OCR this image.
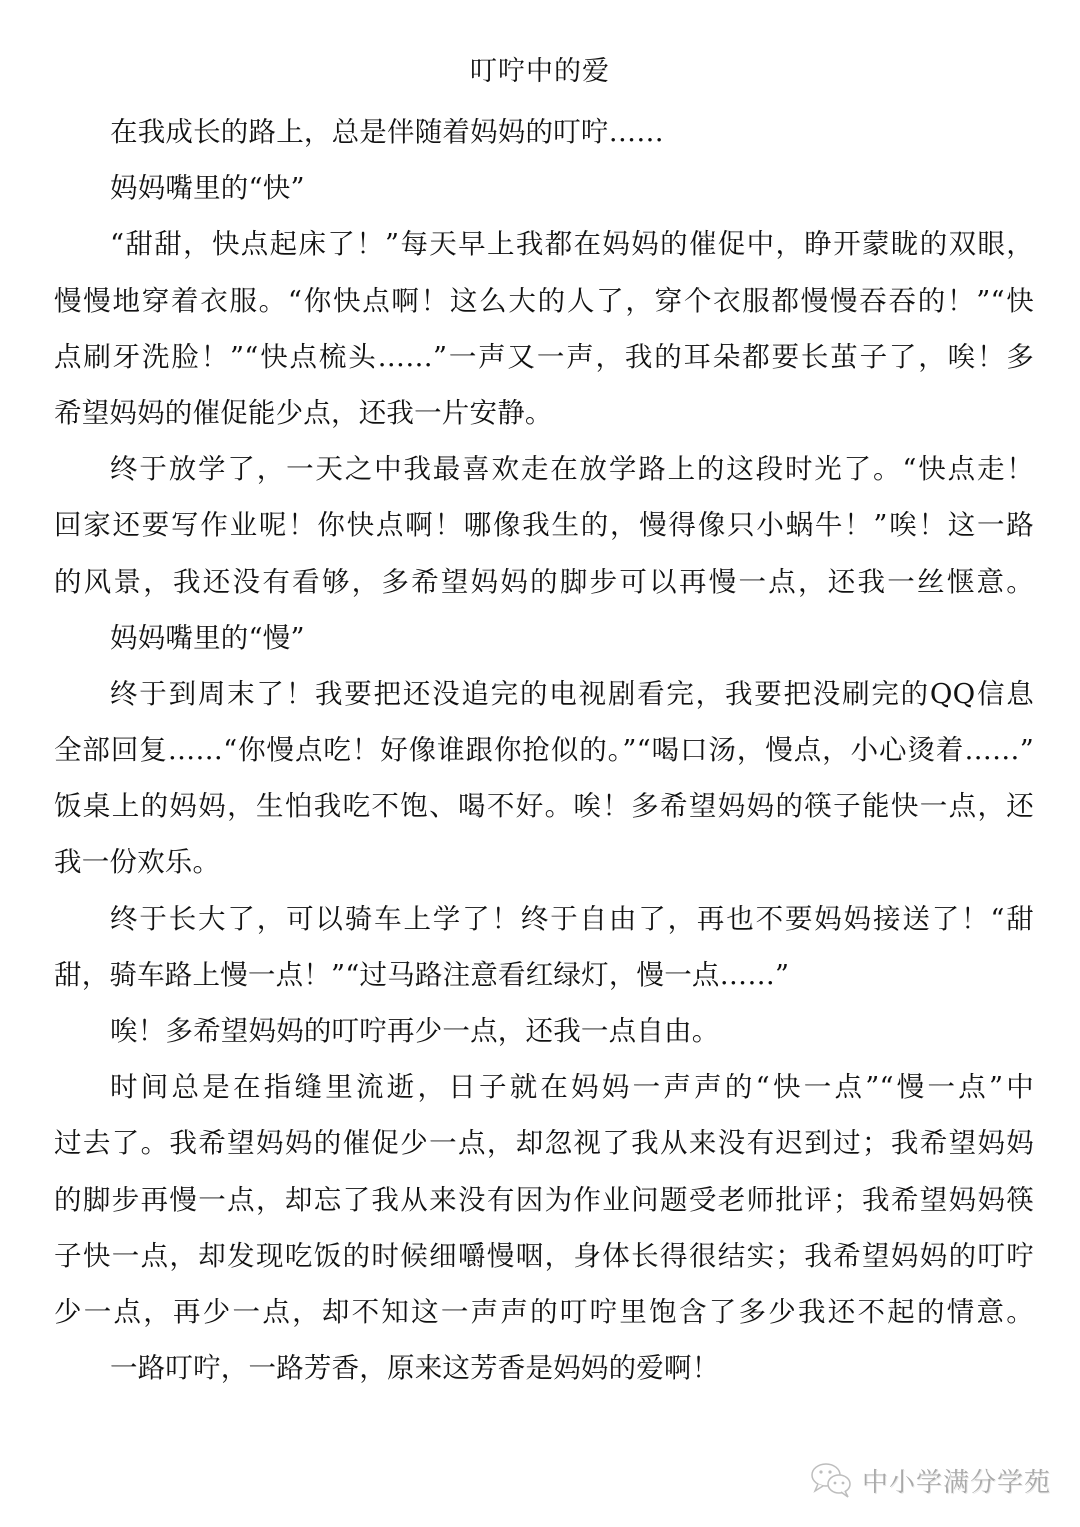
叮咛中的爱
在我成长的路上，总是伴随着妈妈的叮咛……
妈妈嘴里的“快”
“甜甜，快点起床了！”每天早上我都在妈妈的催促中，睁开蒙眬的双眼，
慢慢地穿着衣服。“你快点啊！这么大的人了，穿个衣服都慢慢吞吞的！”“快
点刷牙洗脸！”“快点梳头……”一声又一声，我的耳朵都要长茧子了，唉！多
希望妈妈的催促能少点，还我一片安静。
终于放学了，一天之中我最喜欢走在放学路上的这段时光了。“快点走！
回家还要写作业呢！你快点啊！哪像我生的，慢得像只小蜗牛！”唉！这一路
的风景，我还没有看够，多希望妈妈的脚步可以再慢一点，还我一丝惬意。
妈妈嘴里的“慢”
终于到周末了！我要把还没追完的电视剧看完，我要把没刷完的QQ信息
全部回复……“你慢点吃！好像谁跟你抢似的。”“喝口汤，慢点，小心烫着……”
饭桌上的妈妈，生怕我吃不饱、喝不好。唉！多希望妈妈的筷子能快一点，还
我一份欢乐。
终于长大了，可以骑车上学了！终于自由了，再也不要妈妈接送了！“甜
甜，骑车路上慢一点！”“过马路注意看红绿灯，慢一点……”
唉！多希望妈妈的叮咛再少一点，还我一点自由。
时间总是在指缝里流逝，日子就在妈妈一声声的“快一点”“慢一点”中
过去了。我希望妈妈的催促少一点，却忽视了我从来没有迟到过；我希望妈妈
的脚步再慢一点，却忘了我从来没有因为作业问题受老师批评；我希望妈妈筷
子快一点，却发现吃饭的时候细嚼慢咽，身体长得很结实；我希望妈妈的叮咛
少一点，再少一点，却不知这一声声的叮咛里饱含了多少我还不起的情意。
一路叮咛，一路芳香，原来这芳香是妈妈的爱啊！
中小学满分学苑
